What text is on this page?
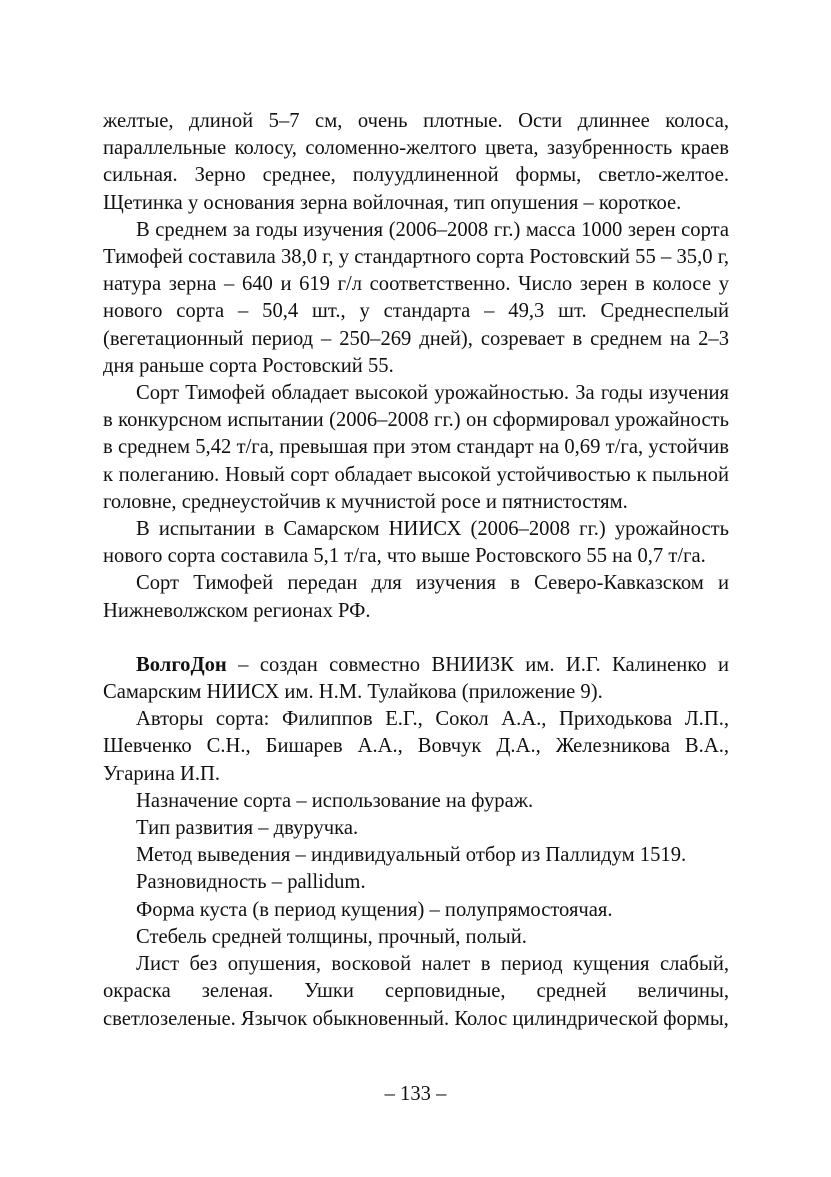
желтые, длиной 5–7 см, очень плотные. Ости длиннее колоса, параллельные колосу, соломенно-желтого цвета, зазубренность краев сильная. Зерно среднее, полуудлиненной формы, светло-желтое. Щетинка у основания зерна войлочная, тип опушения – короткое.

В среднем за годы изучения (2006–2008 гг.) масса 1000 зерен сорта Тимофей составила 38,0 г, у стандартного сорта Ростовский 55 – 35,0 г, натура зерна – 640 и 619 г/л соответственно. Число зерен в колосе у нового сорта – 50,4 шт., у стандарта – 49,3 шт. Среднеспелый (вегетационный период – 250–269 дней), созревает в среднем на 2–3 дня раньше сорта Ростовский 55.

Сорт Тимофей обладает высокой урожайностью. За годы изучения в конкурсном испытании (2006–2008 гг.) он сформировал урожайность в среднем 5,42 т/га, превышая при этом стандарт на 0,69 т/га, устойчив к полеганию. Новый сорт обладает высокой устойчивостью к пыльной головне, среднеустойчив к мучнистой росе и пятнистостям.

В испытании в Самарском НИИСХ (2006–2008 гг.) урожайность нового сорта составила 5,1 т/га, что выше Ростовского 55 на 0,7 т/га.

Сорт Тимофей передан для изучения в Северо-Кавказском и Нижневолжском регионах РФ.

ВолгоДон – создан совместно ВНИИЗК им. И.Г. Калиненко и Самарским НИИСХ им. Н.М. Тулайкова (приложение 9).

Авторы сорта: Филиппов Е.Г., Сокол А.А., Приходькова Л.П., Шевченко С.Н., Бишарев А.А., Вовчук Д.А., Железникова В.А., Угарина И.П.

Назначение сорта – использование на фураж.

Тип развития – двуручка.

Метод выведения – индивидуальный отбор из Паллидум 1519.

Разновидность – pallidum.

Форма куста (в период кущения) – полупрямостоячая.

Стебель средней толщины, прочный, полый.

Лист без опушения, восковой налет в период кущения слабый, окраска зеленая. Ушки серповидные, средней величины, светлозеленые. Язычок обыкновенный. Колос цилиндрической формы,

– 133 –
